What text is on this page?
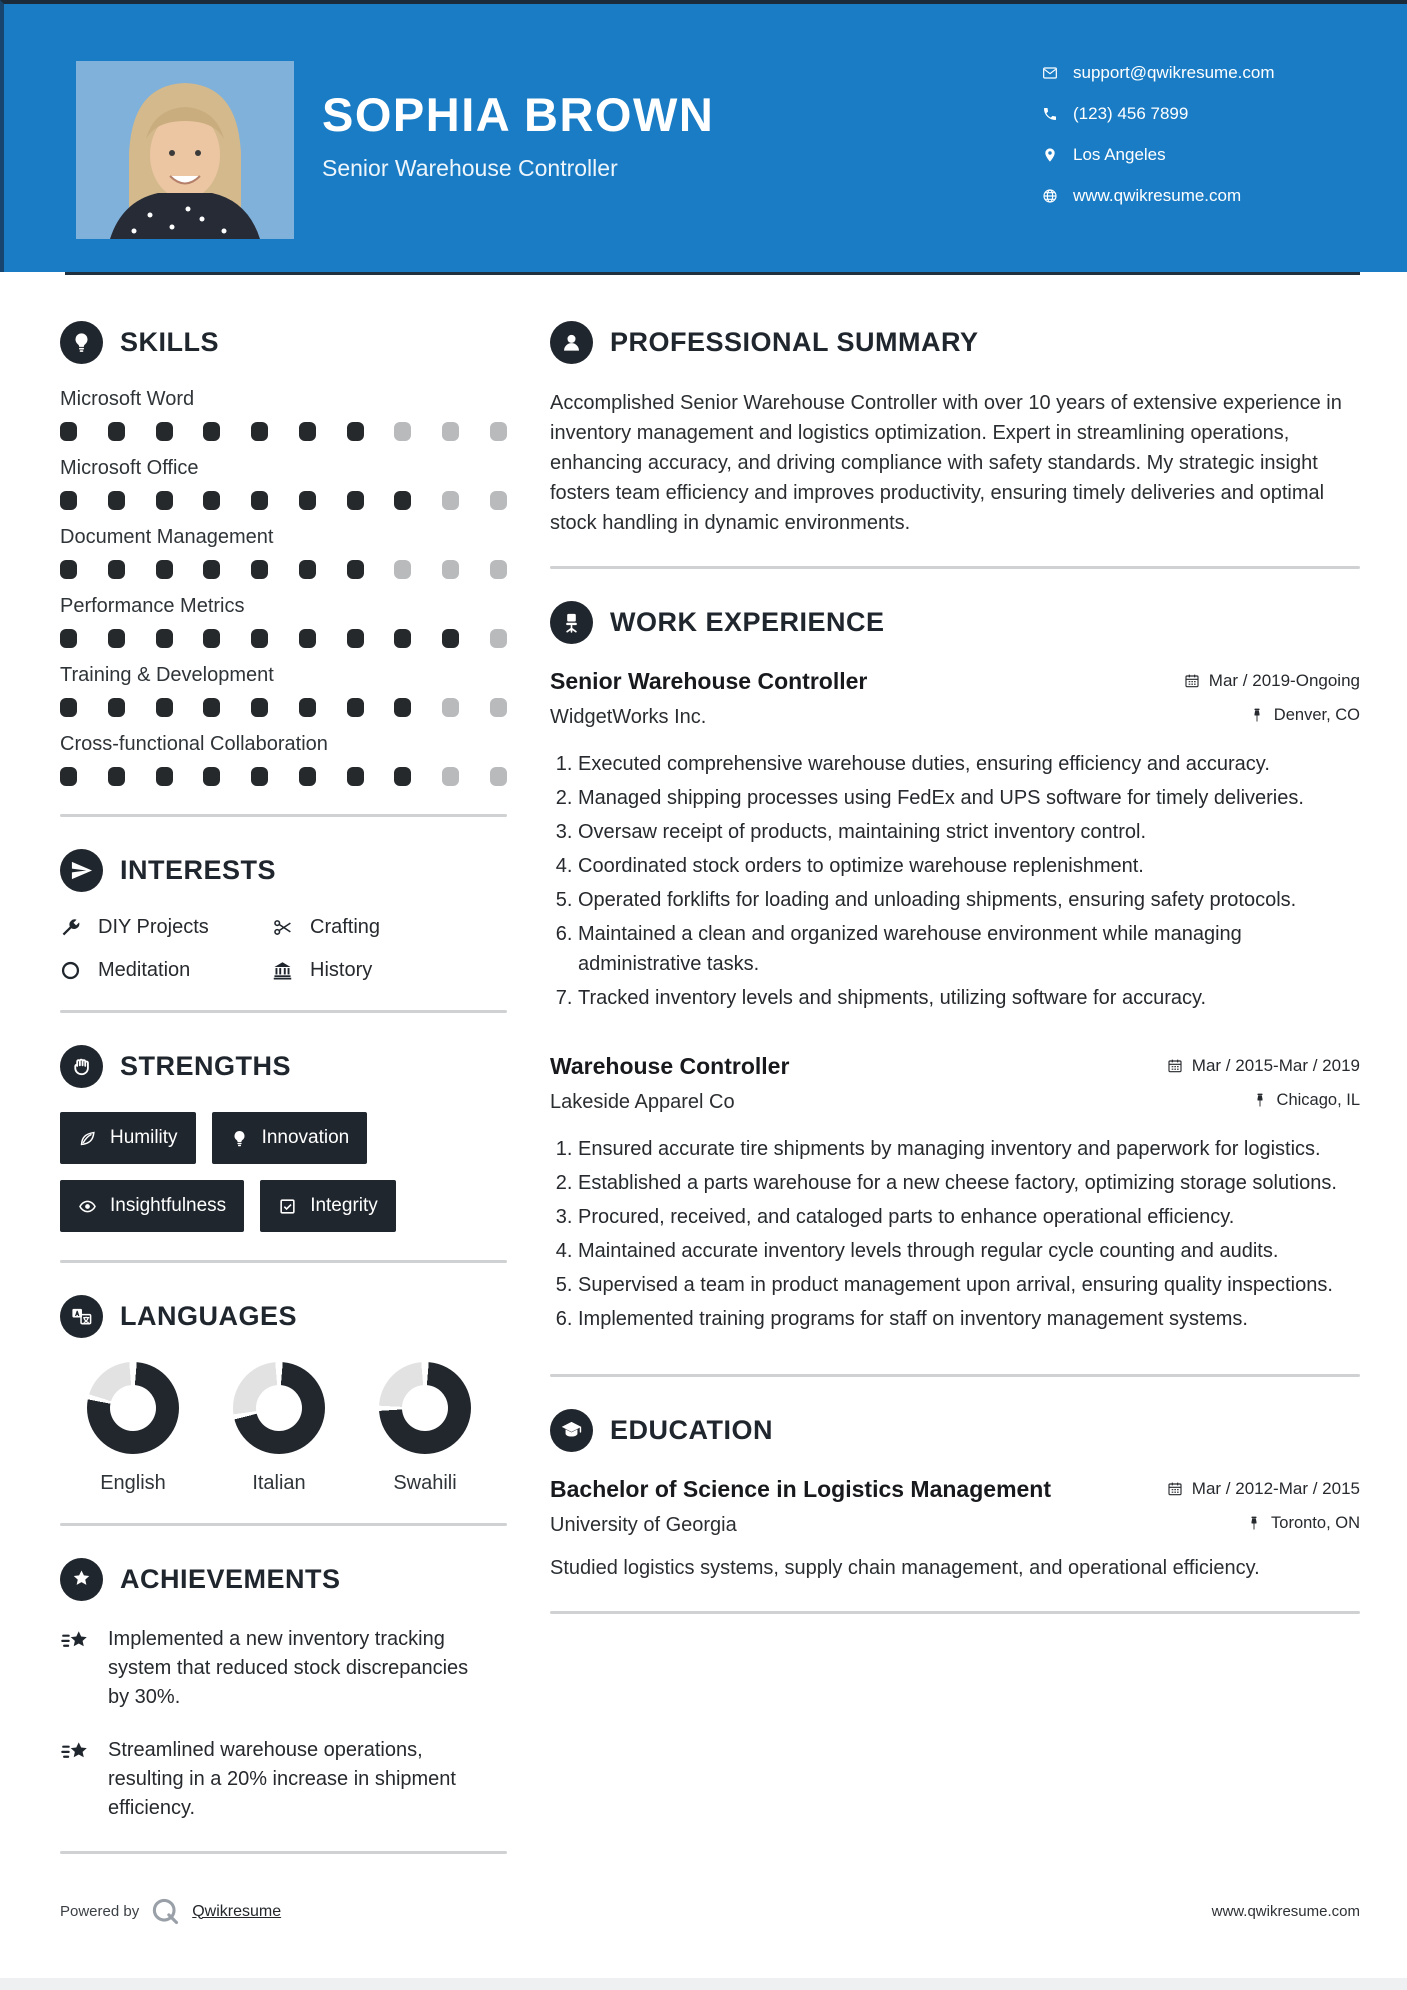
SOPHIA BROWN
Senior Warehouse Controller
support@qwikresume.com
(123) 456 7899
Los Angeles
www.qwikresume.com
SKILLS
Microsoft Word
Microsoft Office
Document Management
Performance Metrics
Training & Development
Cross-functional Collaboration
INTERESTS
DIY Projects	Crafting
Meditation	History
STRENGTHS
Humility	Innovation
Insightfulness	Integrity
LANGUAGES
English	Italian	Swahili
ACHIEVEMENTS

Implemented a new inventory tracking system that reduced stock discrepancies by 30%.

Streamlined warehouse operations, resulting in a 20% increase in shipment efficiency.

PROFESSIONAL SUMMARY

Accomplished Senior Warehouse Controller with over 10 years of extensive experience in inventory management and logistics optimization. Expert in streamlining operations, enhancing accuracy, and driving compliance with safety standards. My strategic insight fosters team efficiency and improves productivity, ensuring timely deliveries and optimal stock handling in dynamic environments.

WORK EXPERIENCE
Senior Warehouse Controller	Mar / 2019-Ongoing
WidgetWorks Inc.	Denver, CO
1. Executed comprehensive warehouse duties, ensuring efficiency and accuracy.
2. Managed shipping processes using FedEx and UPS software for timely deliveries.
3. Oversaw receipt of products, maintaining strict inventory control.
4. Coordinated stock orders to optimize warehouse replenishment.
5. Operated forklifts for loading and unloading shipments, ensuring safety protocols.
6. Maintained a clean and organized warehouse environment while managing administrative tasks.
7. Tracked inventory levels and shipments, utilizing software for accuracy.
Warehouse Controller	Mar / 2015-Mar / 2019
Lakeside Apparel Co	Chicago, IL
1. Ensured accurate tire shipments by managing inventory and paperwork for logistics.
2. Established a parts warehouse for a new cheese factory, optimizing storage solutions.
3. Procured, received, and cataloged parts to enhance operational efficiency.
4. Maintained accurate inventory levels through regular cycle counting and audits.
5. Supervised a team in product management upon arrival, ensuring quality inspections.
6. Implemented training programs for staff on inventory management systems.
EDUCATION
Bachelor of Science in Logistics Management	Mar / 2012-Mar / 2015
University of Georgia	Toronto, ON

Studied logistics systems, supply chain management, and operational efficiency.

Powered by	Qwikresume	www.qwikresume.com
